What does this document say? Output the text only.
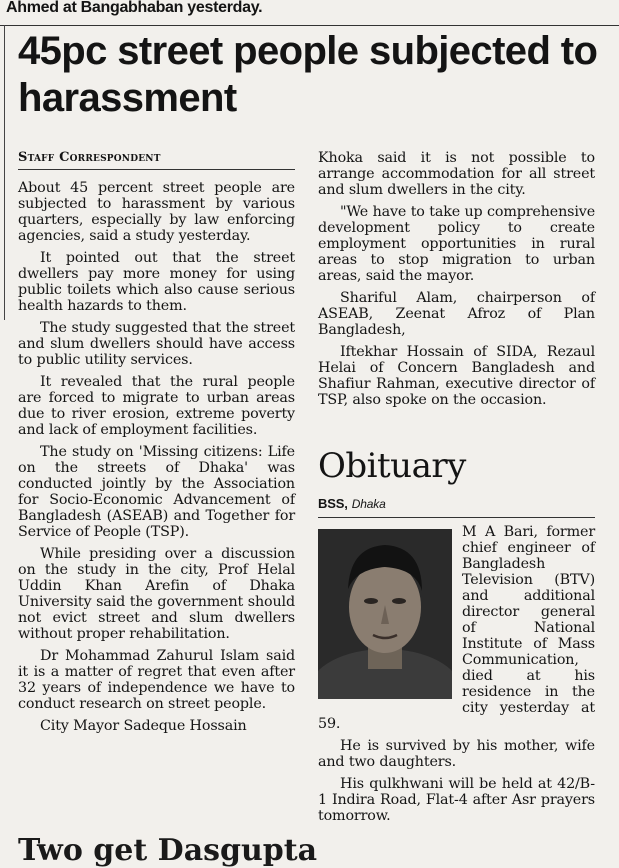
Ahmed at Bangabhaban yesterday.
45pc street people subjected to harassment
Staff Correspondent

About 45 percent street people are subjected to harassment by various quarters, especially by law enforcing agencies, said a study yesterday.

It pointed out that the street dwellers pay more money for using public toilets which also cause serious health hazards to them.

The study suggested that the street and slum dwellers should have access to public utility services.

It revealed that the rural people are forced to migrate to urban areas due to river erosion, extreme poverty and lack of employment facilities.

The study on 'Missing citizens: Life on the streets of Dhaka' was conducted jointly by the Association for Socio-Economic Advancement of Bangladesh (ASEAB) and Together for Service of People (TSP).

While presiding over a discussion on the study in the city, Prof Helal Uddin Khan Arefin of Dhaka University said the government should not evict street and slum dwellers without proper rehabilitation.

Dr Mohammad Zahurul Islam said it is a matter of regret that even after 32 years of independence we have to conduct research on street people.

City Mayor Sadeque Hossain

Khoka said it is not possible to arrange accommodation for all street and slum dwellers in the city.

"We have to take up comprehensive development policy to create employment opportunities in rural areas to stop migration to urban areas, said the mayor.

Shariful Alam, chairperson of ASEAB, Zeenat Afroz of Plan Bangladesh,

Iftekhar Hossain of SIDA, Rezaul Helai of Concern Bangladesh and Shafiur Rahman, executive director of TSP, also spoke on the occasion.

Obituary
BSS, Dhaka

M A Bari, former chief engineer of Bangladesh Television (BTV) and additional director general of National Institute of Mass Communication, died at his residence in the city yesterday at 59.

He is survived by his mother, wife and two daughters.

His qulkhwani will be held at 42/B-1 Indira Road, Flat-4 after Asr prayers tomorrow.

Two get Dasgupta
